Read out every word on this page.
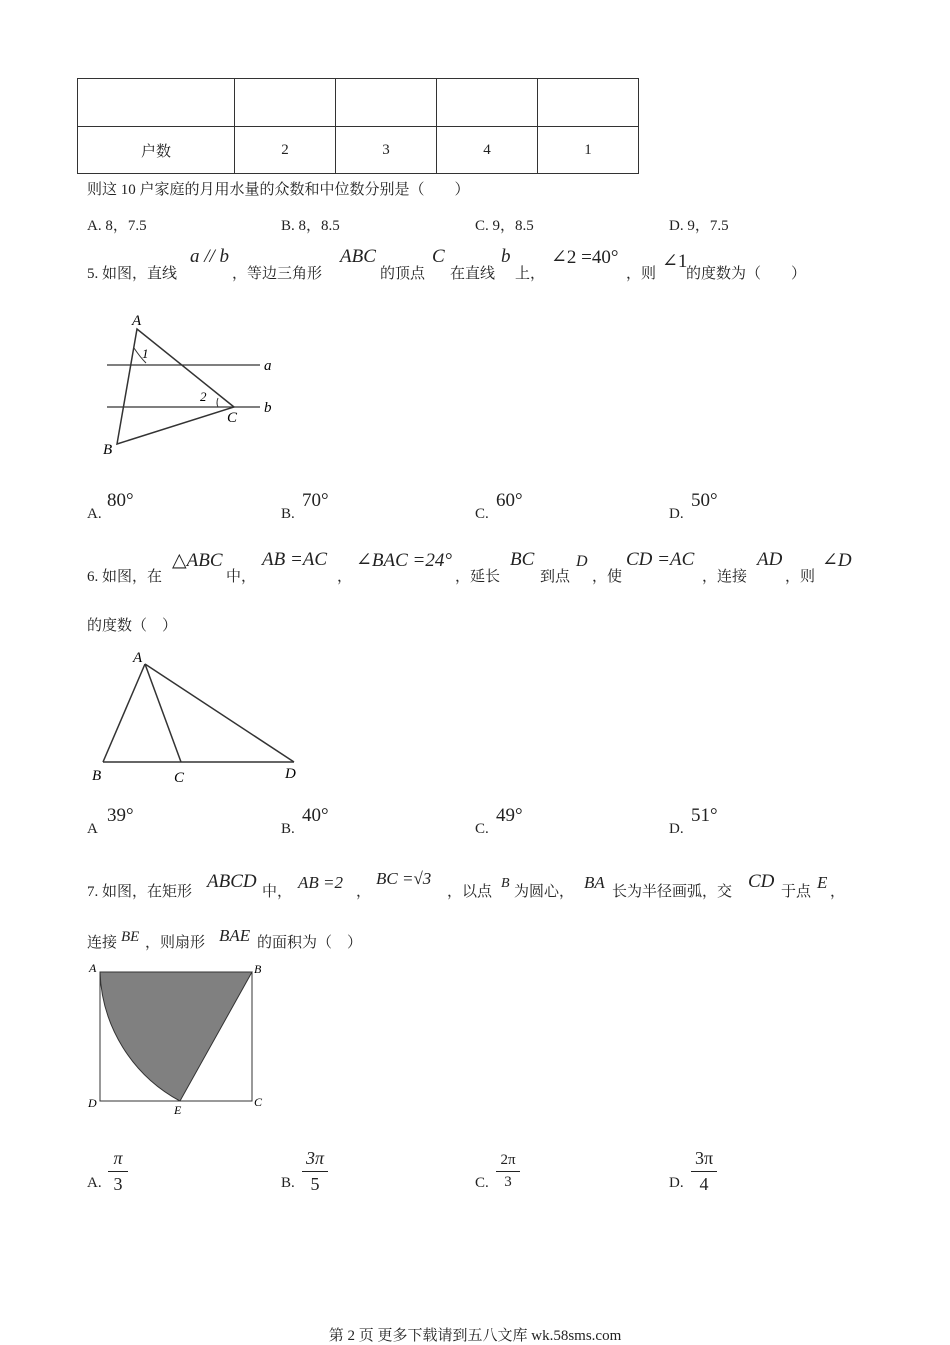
户数	2	3	4	1
则这 10 户家庭的月用水量的众数和中位数分别是（　　）
A. 8，7.5	B. 8，8.5	C. 9，8.5	D. 9，7.5
5. 如图，直线
a // b
，等边三角形
ABC
的顶点
C
在直线
b
上，
∠2 =40°
，则
∠1
的度数为（　　）
A
1
a
2
C
b
B
A.
80°
B.
70°
C.
60°
D.
50°
6. 如图，在
△ABC
中，
AB =AC
，
∠BAC =24°
，延长
BC
到点
D
，使
CD =AC
，连接
AD
，则
∠D
的度数（　）
A
B	C	D
A
39°
B.
40°
C.
49°
D.
51°
7. 如图，在矩形 ABCD 中， AB =2 ，
BC =√3
，以点
B
为圆心， BA 长为半径画弧，交 CD 于点 E ，
连接 BE ，则扇形 BAE 的面积为（　）
A	B
D	E
C
A.
π
3	B.
3π
5	C.
2π
3	D.
3π
4
第 2 页 更多下载请到五八文库 wk.58sms.com
